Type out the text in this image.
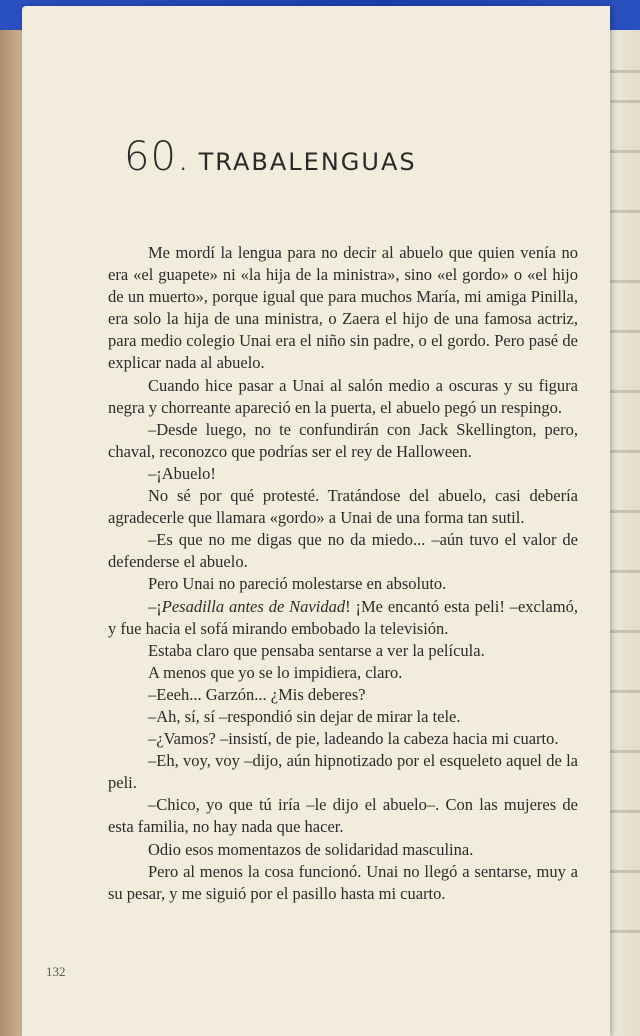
60. TRABALENGUAS

Me mordí la lengua para no decir al abuelo que quien venía no era «el guapete» ni «la hija de la ministra», sino «el gordo» o «el hijo de un muerto», porque igual que para muchos María, mi amiga Pinilla, era solo la hija de una ministra, o Zaera el hijo de una famosa actriz, para medio colegio Unai era el niño sin padre, o el gordo. Pero pasé de explicar nada al abuelo.

Cuando hice pasar a Unai al salón medio a oscuras y su figura negra y chorreante apareció en la puerta, el abuelo pegó un respingo.

–Desde luego, no te confundirán con Jack Skellington, pero, chaval, reconozco que podrías ser el rey de Halloween.

–¡Abuelo!

No sé por qué protesté. Tratándose del abuelo, casi debería agradecerle que llamara «gordo» a Unai de una forma tan sutil.

–Es que no me digas que no da miedo... –aún tuvo el valor de defenderse el abuelo.

Pero Unai no pareció molestarse en absoluto.

–¡Pesadilla antes de Navidad! ¡Me encantó esta peli! –exclamó, y fue hacia el sofá mirando embobado la televisión.

Estaba claro que pensaba sentarse a ver la película.

A menos que yo se lo impidiera, claro.

–Eeeh... Garzón... ¿Mis deberes?

–Ah, sí, sí –respondió sin dejar de mirar la tele.

–¿Vamos? –insistí, de pie, ladeando la cabeza hacia mi cuarto.

–Eh, voy, voy –dijo, aún hipnotizado por el esqueleto aquel de la peli.

–Chico, yo que tú iría –le dijo el abuelo–. Con las mujeres de esta familia, no hay nada que hacer.

Odio esos momentazos de solidaridad masculina.

Pero al menos la cosa funcionó. Unai no llegó a sentarse, muy a su pesar, y me siguió por el pasillo hasta mi cuarto.

132
